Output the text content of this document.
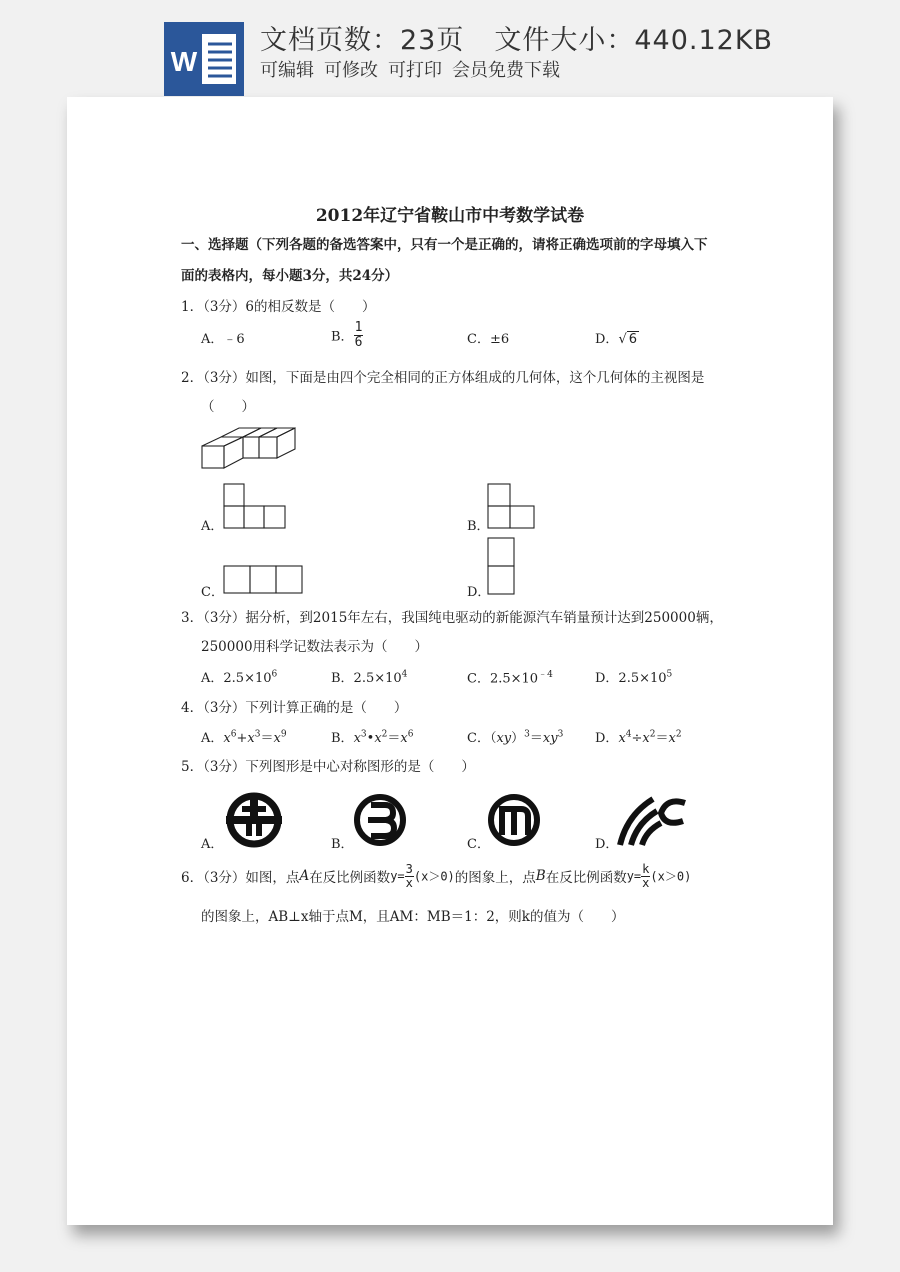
W
文档页数：23页 文件大小：440.12KB
可编辑 可修改 可打印 会员免费下载
2012年辽宁省鞍山市中考数学试卷
一、选择题（下列各题的备选答案中，只有一个是正确的，请将正确选项前的字母填入下
面的表格内，每小题3分，共24分）
1．（3分）6的相反数是（　　）
A．﹣6	B． $\frac{1}{6}$	C．±6	D．√ 6
2．（3分）如图，下面是由四个完全相同的正方体组成的几何体，这个几何体的主视图是
（　　）
A．	B．
C．	D．
3．（3分）据分析，到2015年左右，我国纯电驱动的新能源汽车销量预计达到250000辆，
250000用科学记数法表示为（　　）
A．$2.5\times 10^6$	B．$2.5\times 10^4$	C．$2.5\times 10^{﹣4}$	D．$2.5\times 10^5$
4．（3分）下列计算正确的是（　　）
A．$x^6+x^3=x^9$	B．$x^3•x^2=x^6$	C．$(xy)^3=xy^3$ D．$x^4\div x^2=x^2$
5．（3分）下列图形是中心对称图形的是（　　）
A．	B．	C．	D．
6．（3分）如图，点A在反比例函数$y= \frac{3}{x} (x>0)$的图象上，点B在反比例函数$y= \frac{k}{x} (x>0)$
的图象上，AB⊥x轴于点M，且AM：MB＝1：2，则k的值为（　　）
